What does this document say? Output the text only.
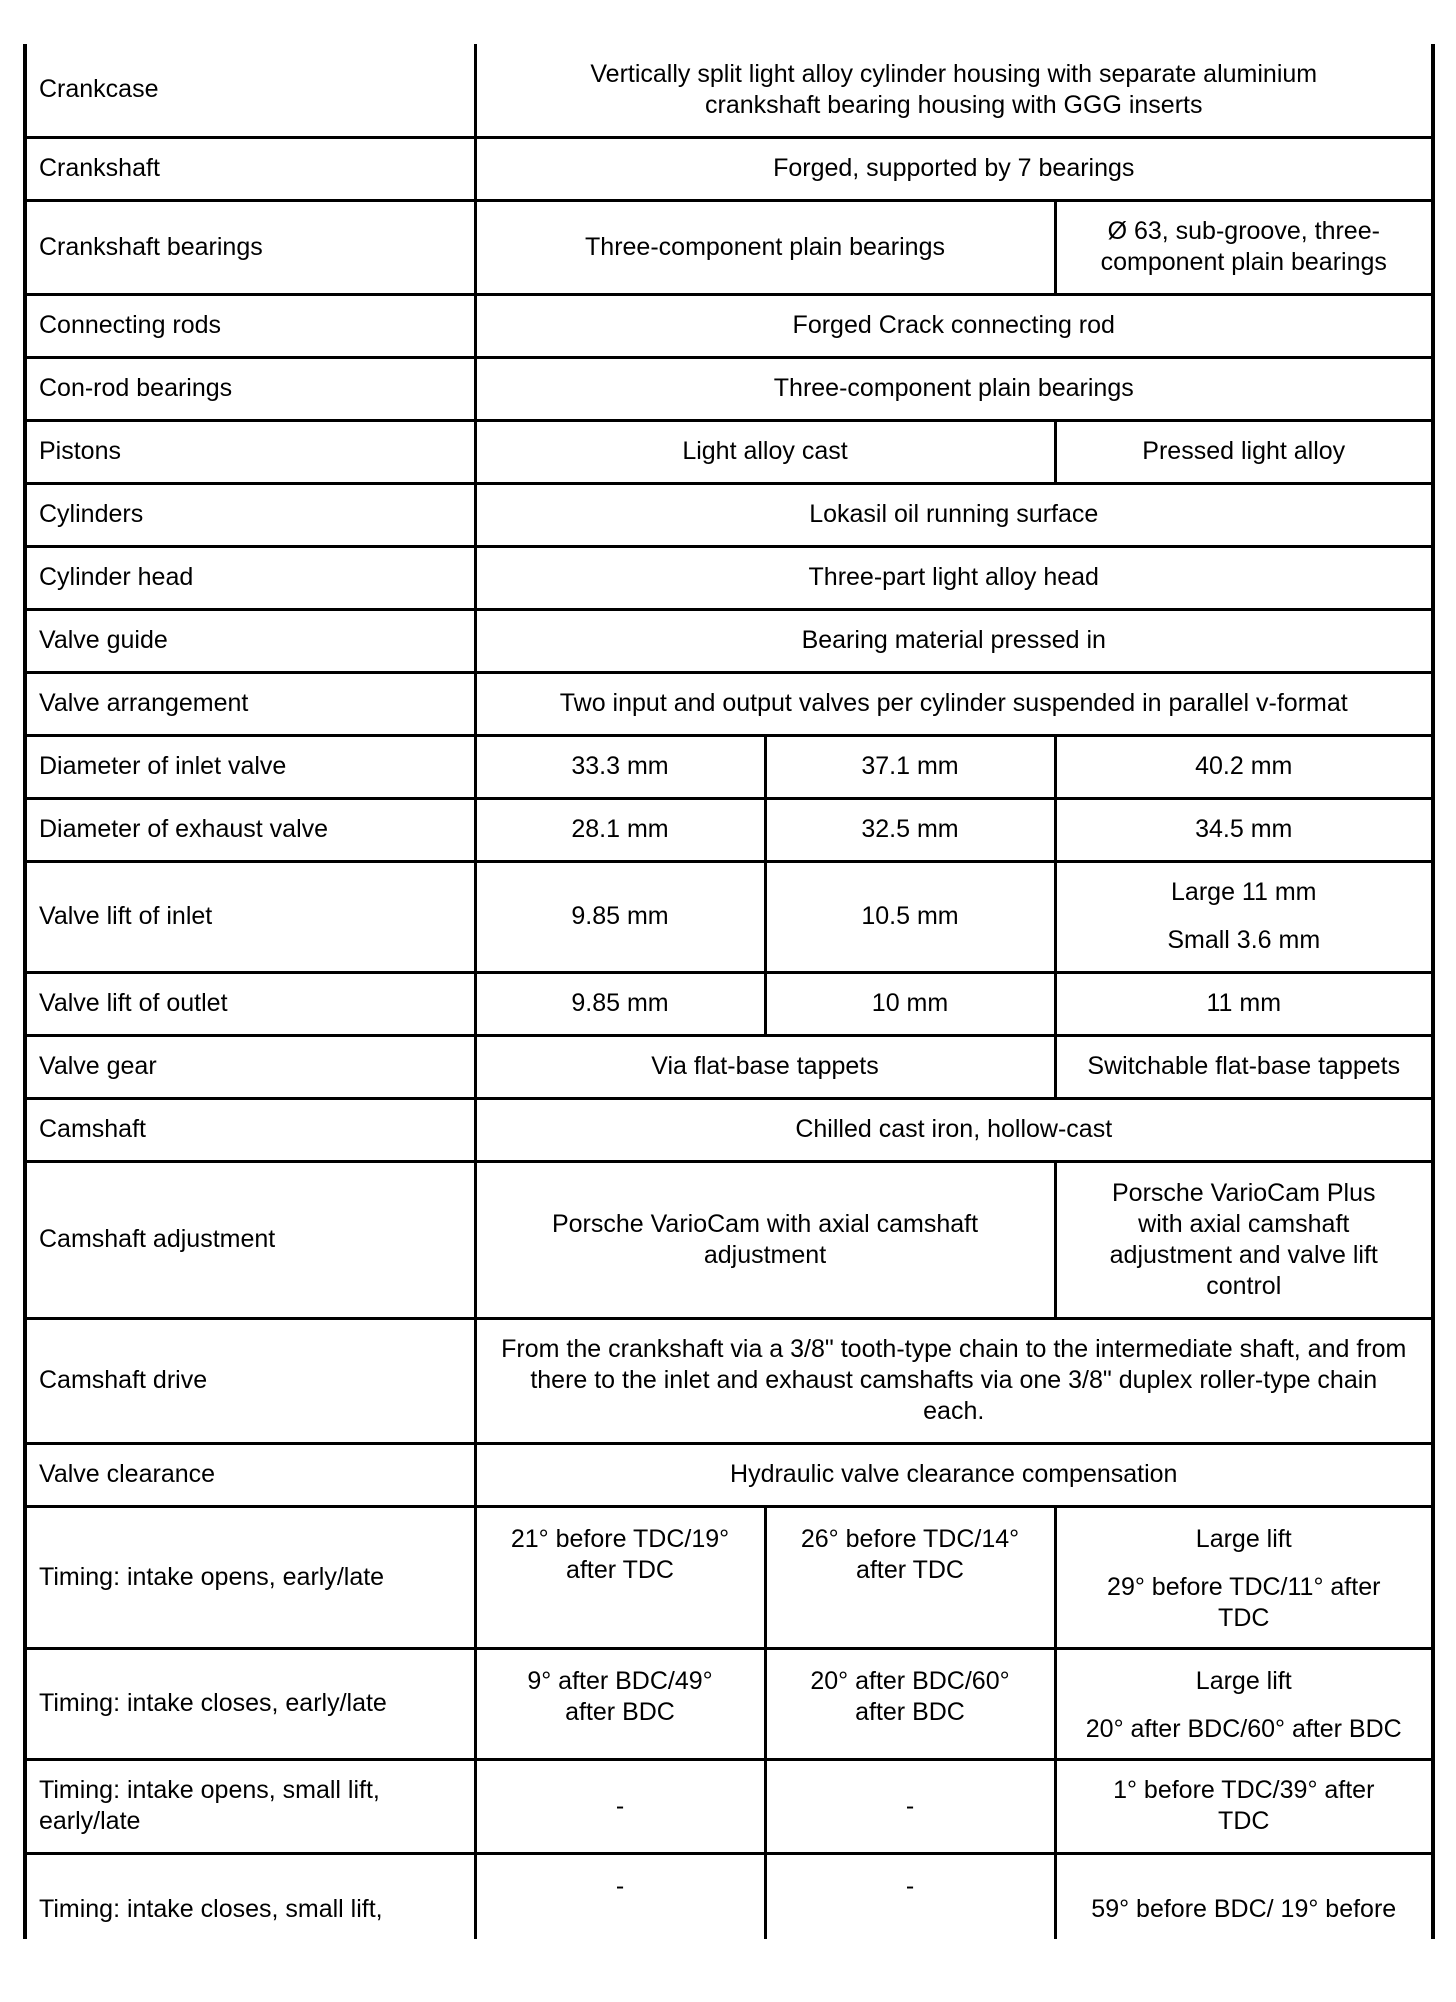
Crankcase	Vertically split light alloy cylinder housing with separate aluminium crankshaft bearing housing with GGG inserts		
Crankshaft	Forged, supported by 7 bearings		
Crankshaft bearings	Three-component plain bearings		Ø 63, sub-groove, three-component plain bearings
Connecting rods	Forged Crack connecting rod		
Con-rod bearings	Three-component plain bearings		
Pistons	Light alloy cast		Pressed light alloy
Cylinders	Lokasil oil running surface		
Cylinder head	Three-part light alloy head		
Valve guide	Bearing material pressed in		
Valve arrangement	Two input and output valves per cylinder suspended in parallel v-format		
Diameter of inlet valve	33.3 mm	37.1 mm	40.2 mm
Diameter of exhaust valve	28.1 mm	32.5 mm	34.5 mm
Valve lift of inlet	9.85 mm	10.5 mm	Large 11 mm
Small 3.6 mm

Valve lift of outlet	9.85 mm	10 mm	11 mm
Valve gear	Via flat-base tappets		Switchable flat-base tappets
Camshaft	Chilled cast iron, hollow-cast		
Camshaft adjustment	Porsche VarioCam with axial camshaft adjustment		Porsche VarioCam Plus with axial camshaft adjustment and valve lift control
Camshaft drive	From the crankshaft via a 3/8" tooth-type chain to the intermediate shaft, and from there to the inlet and exhaust camshafts via one 3/8" duplex roller-type chain each.		
Valve clearance	Hydraulic valve clearance compensation		
Timing: intake opens, early/late	21° before TDC/19° after TDC	26° before TDC/14° after TDC	Large lift
29° before TDC/11° after TDC

Timing: intake closes, early/late	9° after BDC/49° after BDC	20° after BDC/60° after BDC	Large lift
20° after BDC/60° after BDC

Timing: intake opens, small lift, early/late	-	-	1° before TDC/39° after TDC
Timing: intake closes, small lift,	-	-	59° before BDC/ 19° before
